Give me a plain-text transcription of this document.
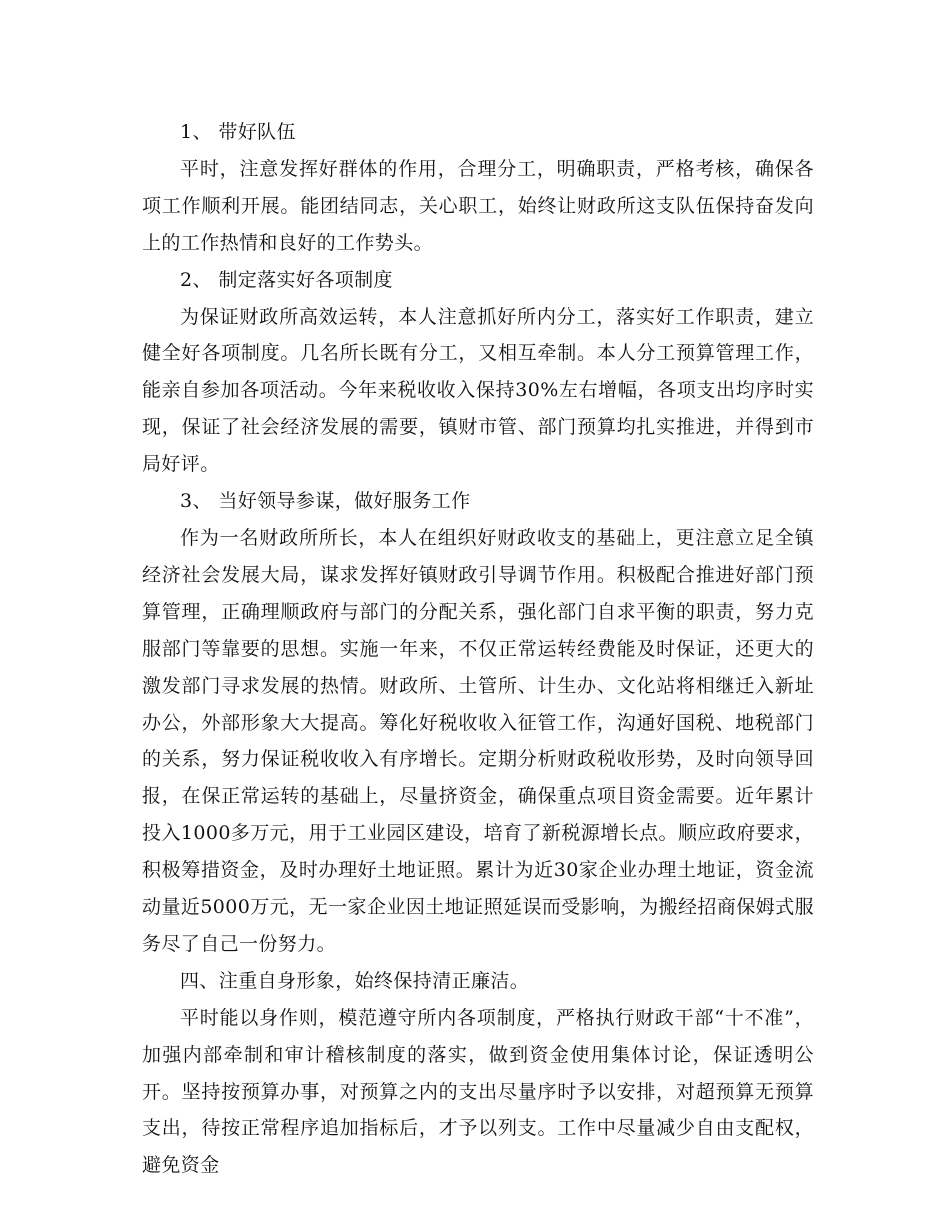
1、 带好队伍

平时，注意发挥好群体的作用，合理分工，明确职责，严格考核，确保各项工作顺利开展。能团结同志，关心职工，始终让财政所这支队伍保持奋发向上的工作热情和良好的工作势头。

2、 制定落实好各项制度

为保证财政所高效运转，本人注意抓好所内分工，落实好工作职责，建立健全好各项制度。几名所长既有分工，又相互牵制。本人分工预算管理工作，能亲自参加各项活动。今年来税收收入保持30%左右增幅，各项支出均序时实现，保证了社会经济发展的需要，镇财市管、部门预算均扎实推进，并得到市局好评。

3、 当好领导参谋，做好服务工作

作为一名财政所所长，本人在组织好财政收支的基础上，更注意立足全镇经济社会发展大局，谋求发挥好镇财政引导调节作用。积极配合推进好部门预算管理，正确理顺政府与部门的分配关系，强化部门自求平衡的职责，努力克服部门等靠要的思想。实施一年来，不仅正常运转经费能及时保证，还更大的激发部门寻求发展的热情。财政所、土管所、计生办、文化站将相继迁入新址办公，外部形象大大提高。筹化好税收收入征管工作，沟通好国税、地税部门的关系，努力保证税收收入有序增长。定期分析财政税收形势，及时向领导回报，在保正常运转的基础上，尽量挤资金，确保重点项目资金需要。近年累计投入1000多万元，用于工业园区建设，培育了新税源增长点。顺应政府要求，积极筹措资金，及时办理好土地证照。累计为近30家企业办理土地证，资金流动量近5000万元，无一家企业因土地证照延误而受影响，为搬经招商保姆式服务尽了自己一份努力。

四、注重自身形象，始终保持清正廉洁。

平时能以身作则，模范遵守所内各项制度，严格执行财政干部“十不准”，加强内部牵制和审计稽核制度的落实，做到资金使用集体讨论，保证透明公开。坚持按预算办事，对预算之内的支出尽量序时予以安排，对超预算无预算支出，待按正常程序追加指标后，才予以列支。工作中尽量减少自由支配权，避免资金
